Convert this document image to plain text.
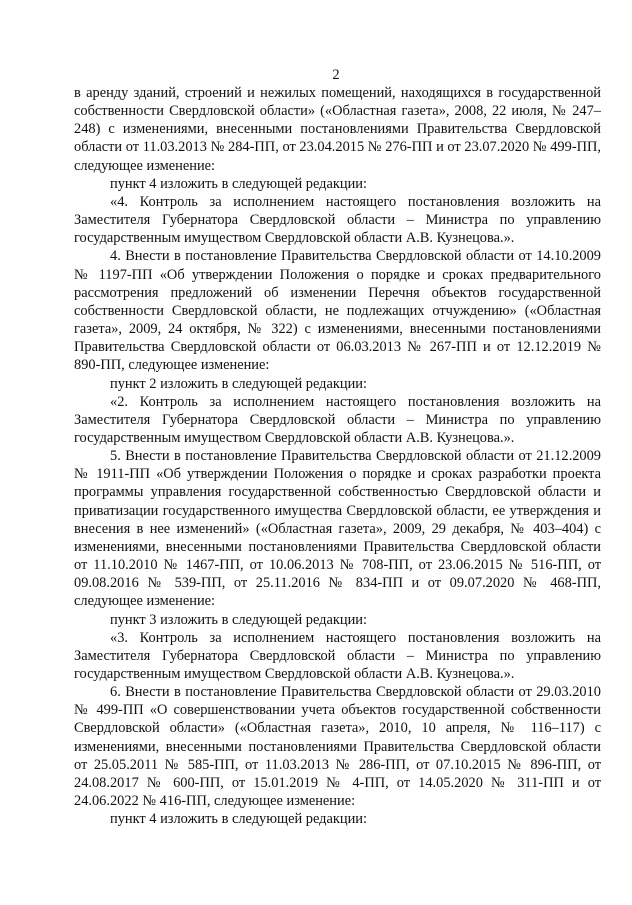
2

в аренду зданий, строений и нежилых помещений, находящихся в государственной собственности Свердловской области» («Областная газета», 2008, 22 июля, № 247–248) с изменениями, внесенными постановлениями Правительства Свердловской области от 11.03.2013 № 284-ПП, от 23.04.2015 № 276-ПП и от 23.07.2020 № 499-ПП, следующее изменение:

пункт 4 изложить в следующей редакции:

«4. Контроль за исполнением настоящего постановления возложить на Заместителя Губернатора Свердловской области – Министра по управлению государственным имуществом Свердловской области А.В. Кузнецова.».

4. Внести в постановление Правительства Свердловской области от 14.10.2009 № 1197-ПП «Об утверждении Положения о порядке и сроках предварительного рассмотрения предложений об изменении Перечня объектов государственной собственности Свердловской области, не подлежащих отчуждению» («Областная газета», 2009, 24 октября, № 322) с изменениями, внесенными постановлениями Правительства Свердловской области от 06.03.2013 № 267-ПП и от 12.12.2019 № 890-ПП, следующее изменение:

пункт 2 изложить в следующей редакции:

«2. Контроль за исполнением настоящего постановления возложить на Заместителя Губернатора Свердловской области – Министра по управлению государственным имуществом Свердловской области А.В. Кузнецова.».

5. Внести в постановление Правительства Свердловской области от 21.12.2009 № 1911-ПП «Об утверждении Положения о порядке и сроках разработки проекта программы управления государственной собственностью Свердловской области и приватизации государственного имущества Свердловской области, ее утверждения и внесения в нее изменений» («Областная газета», 2009, 29 декабря, № 403–404) с изменениями, внесенными постановлениями Правительства Свердловской области от 11.10.2010 № 1467-ПП, от 10.06.2013 № 708-ПП, от 23.06.2015 № 516-ПП, от 09.08.2016 № 539-ПП, от 25.11.2016 № 834-ПП и от 09.07.2020 № 468-ПП, следующее изменение:

пункт 3 изложить в следующей редакции:

«3. Контроль за исполнением настоящего постановления возложить на Заместителя Губернатора Свердловской области – Министра по управлению государственным имуществом Свердловской области А.В. Кузнецова.».

6. Внести в постановление Правительства Свердловской области от 29.03.2010 № 499-ПП «О совершенствовании учета объектов государственной собственности Свердловской области» («Областная газета», 2010, 10 апреля, № 116–117) с изменениями, внесенными постановлениями Правительства Свердловской области от 25.05.2011 № 585-ПП, от 11.03.2013 № 286-ПП, от 07.10.2015 № 896-ПП, от 24.08.2017 № 600-ПП, от 15.01.2019 № 4-ПП, от 14.05.2020 № 311-ПП и от 24.06.2022 № 416-ПП, следующее изменение:

пункт 4 изложить в следующей редакции:
